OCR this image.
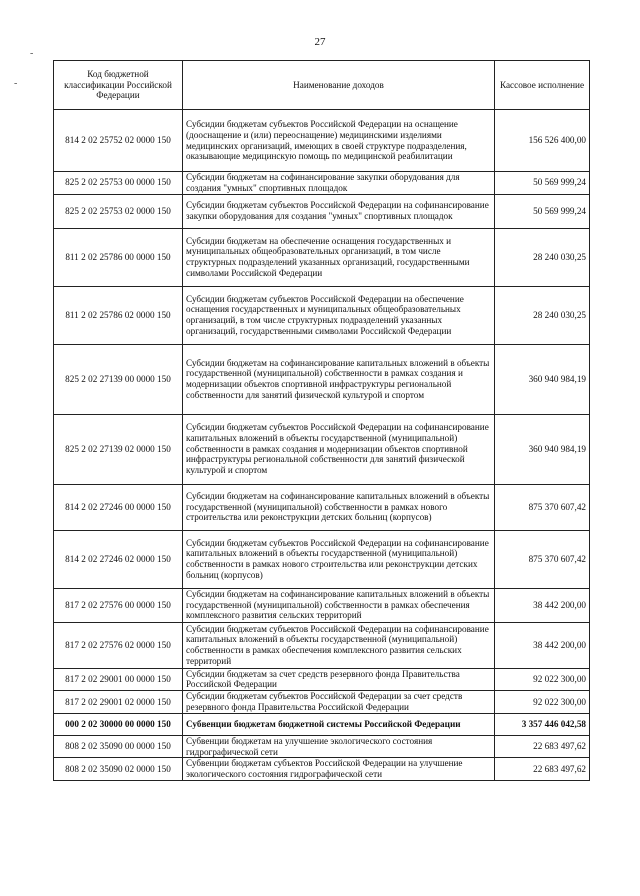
27
-
-
Код бюджетной классификации Российской Федерации	Наименование доходов	Кассовое исполнение
814 2 02 25752 02 0000 150	Субсидии бюджетам субъектов Российской Федерации на оснащение (дооснащение и (или) переоснащение) медицинскими изделиями медицинских организаций, имеющих в своей структуре подразделения, оказывающие медицинскую помощь по медицинской реабилитации	156 526 400,00
825 2 02 25753 00 0000 150	Субсидии бюджетам на софинансирование закупки оборудования для создания "умных" спортивных площадок	50 569 999,24
825 2 02 25753 02 0000 150	Субсидии бюджетам субъектов Российской Федерации на софинансирование закупки оборудования для создания "умных" спортивных площадок	50 569 999,24
811 2 02 25786 00 0000 150	Субсидии бюджетам на обеспечение оснащения государственных и муниципальных общеобразовательных организаций, в том числе структурных подразделений указанных организаций, государственными символами Российской Федерации	28 240 030,25
811 2 02 25786 02 0000 150	Субсидии бюджетам субъектов Российской Федерации на обеспечение оснащения государственных и муниципальных общеобразовательных организаций, в том числе структурных подразделений указанных организаций, государственными символами Российской Федерации	28 240 030,25
825 2 02 27139 00 0000 150	Субсидии бюджетам на софинансирование капитальных вложений в объекты государственной (муниципальной) собственности в рамках создания и модернизации объектов спортивной инфраструктуры региональной собственности для занятий физической культурой и спортом	360 940 984,19
825 2 02 27139 02 0000 150	Субсидии бюджетам субъектов Российской Федерации на софинансирование капитальных вложений в объекты государственной (муниципальной) собственности в рамках создания и модернизации объектов спортивной инфраструктуры региональной собственности для занятий физической культурой и спортом	360 940 984,19
814 2 02 27246 00 0000 150	Субсидии бюджетам на софинансирование капитальных вложений в объекты государственной (муниципальной) собственности в рамках нового строительства или реконструкции детских больниц (корпусов)	875 370 607,42
814 2 02 27246 02 0000 150	Субсидии бюджетам субъектов Российской Федерации на софинансирование капитальных вложений в объекты государственной (муниципальной) собственности в рамках нового строительства или реконструкции детских больниц (корпусов)	875 370 607,42
817 2 02 27576 00 0000 150	Субсидии бюджетам на софинансирование капитальных вложений в объекты государственной (муниципальной) собственности в рамках обеспечения комплексного развития сельских территорий	38 442 200,00
817 2 02 27576 02 0000 150	Субсидии бюджетам субъектов Российской Федерации на софинансирование капитальных вложений в объекты государственной (муниципальной) собственности в рамках обеспечения комплексного развития сельских территорий	38 442 200,00
817 2 02 29001 00 0000 150	Субсидии бюджетам за счет средств резервного фонда Правительства Российской Федерации	92 022 300,00
817 2 02 29001 02 0000 150	Субсидии бюджетам субъектов Российской Федерации за счет средств резервного фонда Правительства Российской Федерации	92 022 300,00
000 2 02 30000 00 0000 150	Субвенции бюджетам бюджетной системы Российской Федерации	3 357 446 042,58
808 2 02 35090 00 0000 150	Субвенции бюджетам на улучшение экологического состояния гидрографической сети	22 683 497,62
808 2 02 35090 02 0000 150	Субвенции бюджетам субъектов Российской Федерации на улучшение экологического состояния гидрографической сети	22 683 497,62
